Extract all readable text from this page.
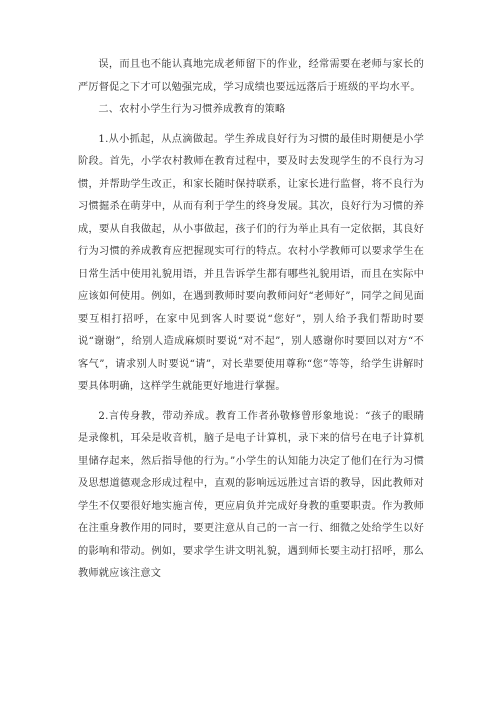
误，而且也不能认真地完成老师留下的作业，经常需要在老师与家长的严厉督促之下才可以勉强完成，学习成绩也要远远落后于班级的平均水平。

二、农村小学生行为习惯养成教育的策略

1.从小抓起，从点滴做起。学生养成良好行为习惯的最佳时期便是小学阶段。首先，小学农村教师在教育过程中，要及时去发现学生的不良行为习惯，并帮助学生改正，和家长随时保持联系，让家长进行监督，将不良行为习惯掘杀在萌芽中，从而有利于学生的终身发展。其次，良好行为习惯的养成，要从自我做起，从小事做起，孩子们的行为举止具有一定依据，其良好行为习惯的养成教育应把握现实可行的特点。农村小学教师可以要求学生在日常生活中使用礼貌用语，并且告诉学生都有哪些礼貌用语，而且在实际中应该如何使用。例如，在遇到教师时要向教师问好“老师好”，同学之间见面要互相打招呼，在家中见到客人时要说“您好”，别人给予我们帮助时要说“谢谢”，给别人造成麻烦时要说“对不起”，别人感谢你时要回以对方“不客气”，请求别人时要说“请”，对长辈要使用尊称“您”等等，给学生讲解时要具体明确，这样学生就能更好地进行掌握。

2.言传身教，带动养成。教育工作者孙敬修曾形象地说：“孩子的眼睛是录像机，耳朵是收音机，脑子是电子计算机，录下来的信号在电子计算机里储存起来，然后指导他的行为。”小学生的认知能力决定了他们在行为习惯及思想道德观念形成过程中，直观的影响远远胜过言语的教导，因此教师对学生不仅要很好地实施言传，更应肩负并完成好身教的重要职责。作为教师在注重身教作用的同时，要更注意从自己的一言一行、细微之处给学生以好的影响和带动。例如，要求学生讲文明礼貌，遇到师长要主动打招呼，那么教师就应该注意文
